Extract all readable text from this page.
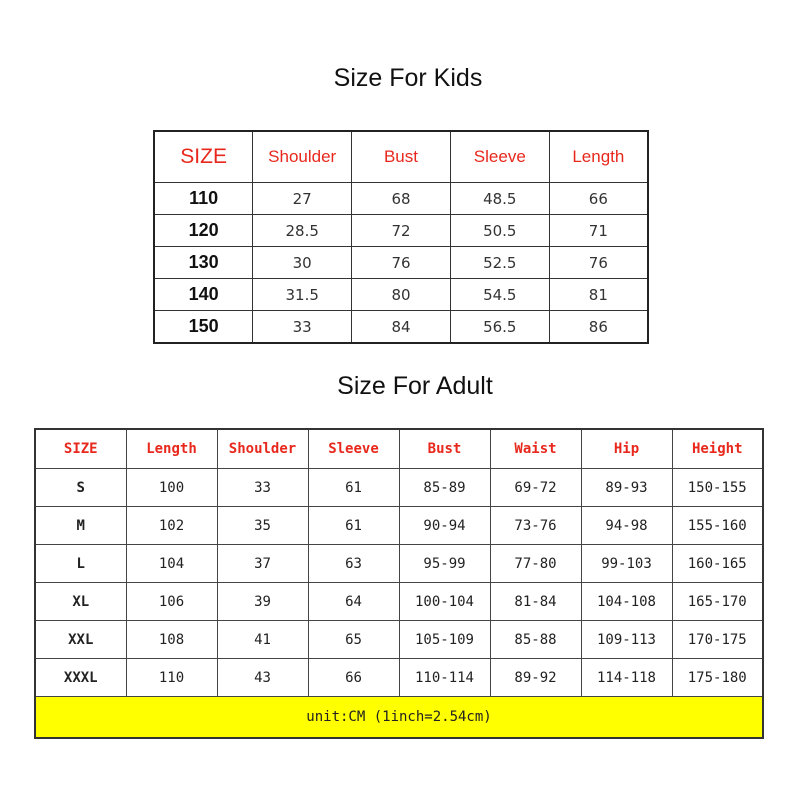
Size For Kids
SIZE	Shoulder	Bust	Sleeve	Length
110	27	68	48.5	66
120	28.5	72	50.5	71
130	30	76	52.5	76
140	31.5	80	54.5	81
150	33	84	56.5	86
Size For Adult
SIZE	Length	Shoulder	Sleeve	Bust	Waist	Hip	Height
S	100	33	61	85-89	69-72	89-93	150-155
M	102	35	61	90-94	73-76	94-98	155-160
L	104	37	63	95-99	77-80	99-103	160-165
XL	106	39	64	100-104	81-84	104-108	165-170
XXL	108	41	65	105-109	85-88	109-113	170-175
XXXL	110	43	66	110-114	89-92	114-118	175-180
unit:CM (1inch=2.54cm)							
